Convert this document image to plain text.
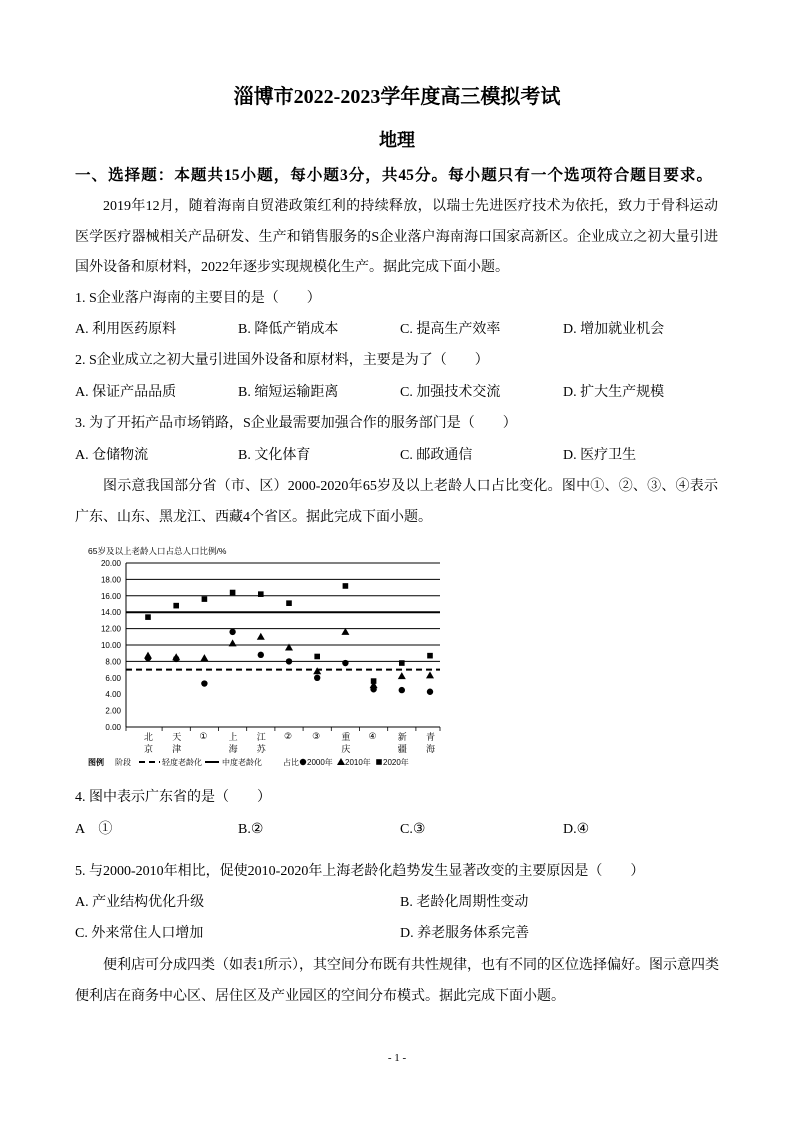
淄博市2022-2023学年度高三模拟考试
地理
一、选择题：本题共15小题，每小题3分，共45分。每小题只有一个选项符合题目要求。
2019年12月，随着海南自贸港政策红利的持续释放，以瑞士先进医疗技术为依托，致力于骨科运动
医学医疗器械相关产品研发、生产和销售服务的S企业落户海南海口国家高新区。企业成立之初大量引进
国外设备和原材料，2022年逐步实现规模化生产。据此完成下面小题。
1. S企业落户海南的主要目的是（　　）
A. 利用医药原料	B. 降低产销成本	C. 提高生产效率	D. 增加就业机会
2. S企业成立之初大量引进国外设备和原材料，主要是为了（　　）
A. 保证产品品质	B. 缩短运输距离	C. 加强技术交流	D. 扩大生产规模
3. 为了开拓产品市场销路，S企业最需要加强合作的服务部门是（　　）
A. 仓储物流	B. 文化体育	C. 邮政通信	D. 医疗卫生
图示意我国部分省（市、区）2000-2020年65岁及以上老龄人口占比变化。图中①、②、③、④表示
广东、山东、黑龙江、西藏4个省区。据此完成下面小题。
65岁及以上老龄人口占总人口比例/%
20.00
18.00
16.00
14.00
12.00
10.00
8.00
6.00
4.00
2.00
0.00
北京 天津 ① 上海 江苏 ② ③ 重庆 ④ 新疆 青海
图例 阶段	轻度老龄化	中度老龄化	占比 2000年 2010年 2020年
4. 图中表示广东省的是（　　）
A　①	B.②	C.③	D.④
5. 与2000-2010年相比，促使2010-2020年上海老龄化趋势发生显著改变的主要原因是（　　）
A. 产业结构优化升级	B. 老龄化周期性变动
C. 外来常住人口增加	D. 养老服务体系完善
便利店可分成四类（如表1所示），其空间分布既有共性规律，也有不同的区位选择偏好。图示意四类
便利店在商务中心区、居住区及产业园区的空间分布模式。据此完成下面小题。
- 1 -
